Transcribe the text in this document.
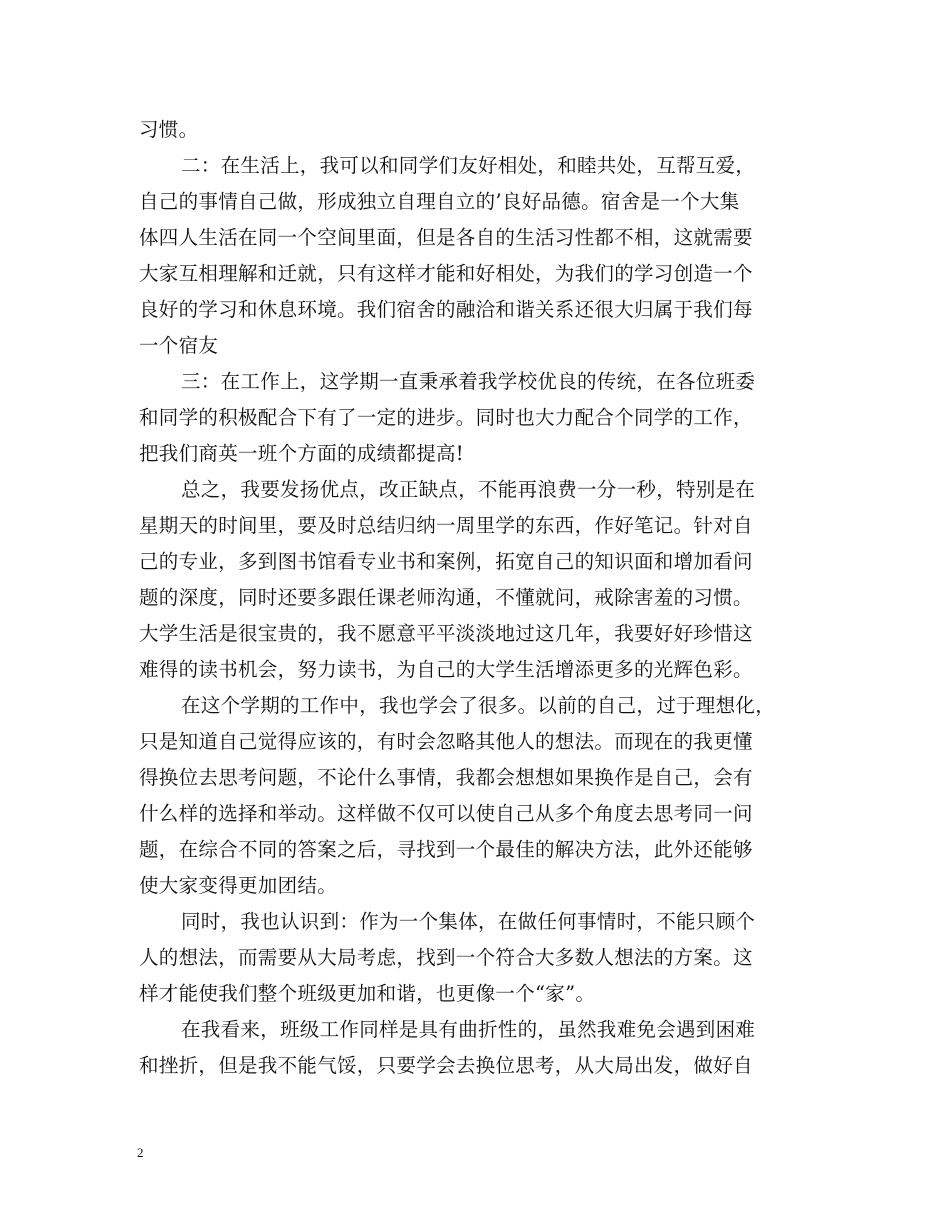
习惯。
二：在生活上，我可以和同学们友好相处，和睦共处，互帮互爱，
自己的事情自己做，形成独立自理自立的’良好品德。宿舍是一个大集
体四人生活在同一个空间里面，但是各自的生活习性都不相，这就需要
大家互相理解和迁就，只有这样才能和好相处，为我们的学习创造一个
良好的学习和休息环境。我们宿舍的融洽和谐关系还很大归属于我们每
一个宿友
三：在工作上，这学期一直秉承着我学校优良的传统，在各位班委
和同学的积极配合下有了一定的进步。同时也大力配合个同学的工作，
把我们商英一班个方面的成绩都提高!
总之，我要发扬优点，改正缺点，不能再浪费一分一秒，特别是在
星期天的时间里，要及时总结归纳一周里学的东西，作好笔记。针对自
己的专业，多到图书馆看专业书和案例，拓宽自己的知识面和增加看问
题的深度，同时还要多跟任课老师沟通，不懂就问，戒除害羞的习惯。
大学生活是很宝贵的，我不愿意平平淡淡地过这几年，我要好好珍惜这
难得的读书机会，努力读书，为自己的大学生活增添更多的光辉色彩。
在这个学期的工作中，我也学会了很多。以前的自己，过于理想化，
只是知道自己觉得应该的，有时会忽略其他人的想法。而现在的我更懂
得换位去思考问题，不论什么事情，我都会想想如果换作是自己，会有
什么样的选择和举动。这样做不仅可以使自己从多个角度去思考同一问
题，在综合不同的答案之后，寻找到一个最佳的解决方法，此外还能够
使大家变得更加团结。
同时，我也认识到：作为一个集体，在做任何事情时，不能只顾个
人的想法，而需要从大局考虑，找到一个符合大多数人想法的方案。这
样才能使我们整个班级更加和谐，也更像一个“家”。
在我看来，班级工作同样是具有曲折性的，虽然我难免会遇到困难
和挫折，但是我不能气馁，只要学会去换位思考，从大局出发，做好自
2
